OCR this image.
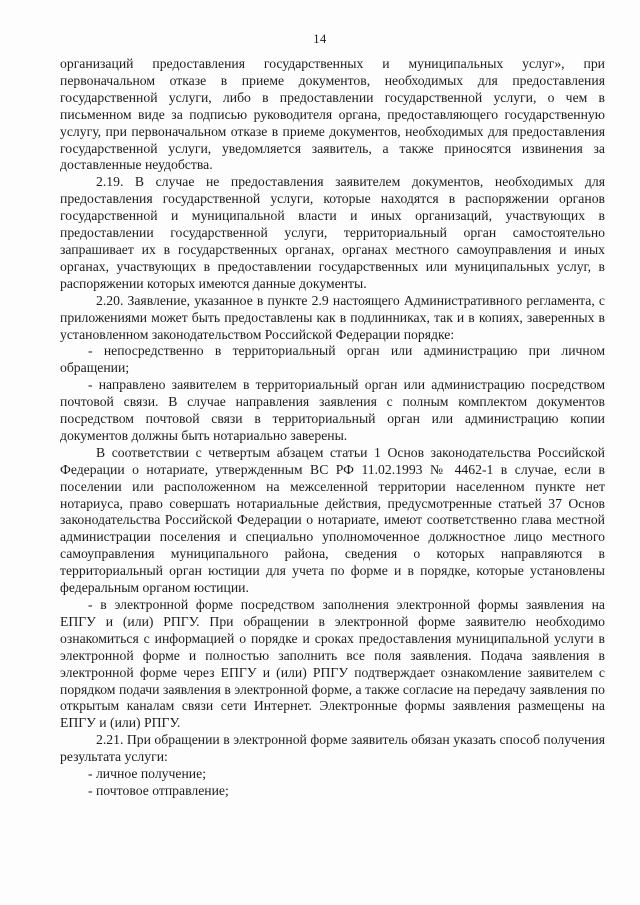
14

организаций предоставления государственных и муниципальных услуг», при первоначальном отказе в приеме документов, необходимых для предоставления государственной услуги, либо в предоставлении государственной услуги, о чем в письменном виде за подписью руководителя органа, предоставляющего государственную услугу, при первоначальном отказе в приеме документов, необходимых для предоставления государственной услуги, уведомляется заявитель, а также приносятся извинения за доставленные неудобства.

2.19. В случае не предоставления заявителем документов, необходимых для предоставления государственной услуги, которые находятся в распоряжении органов государственной и муниципальной власти и иных организаций, участвующих в предоставлении государственной услуги, территориальный орган самостоятельно запрашивает их в государственных органах, органах местного самоуправления и иных органах, участвующих в предоставлении государственных или муниципальных услуг, в распоряжении которых имеются данные документы.

2.20. Заявление, указанное в пункте 2.9 настоящего Административного регламента, с приложениями может быть предоставлены как в подлинниках, так и в копиях, заверенных в установленном законодательством Российской Федерации порядке:

- непосредственно в территориальный орган или администрацию при личном обращении;

- направлено заявителем в территориальный орган или администрацию посредством почтовой связи. В случае направления заявления с полным комплектом документов посредством почтовой связи в территориальный орган или администрацию копии документов должны быть нотариально заверены.

В соответствии с четвертым абзацем статьи 1 Основ законодательства Российской Федерации о нотариате, утвержденным ВС РФ 11.02.1993 № 4462-1 в случае, если в поселении или расположенном на межселенной территории населенном пункте нет нотариуса, право совершать нотариальные действия, предусмотренные статьей 37 Основ законодательства Российской Федерации о нотариате, имеют соответственно глава местной администрации поселения и специально уполномоченное должностное лицо местного самоуправления муниципального района, сведения о которых направляются в территориальный орган юстиции для учета по форме и в порядке, которые установлены федеральным органом юстиции.

- в электронной форме посредством заполнения электронной формы заявления на ЕПГУ и (или) РПГУ. При обращении в электронной форме заявителю необходимо ознакомиться с информацией о порядке и сроках предоставления муниципальной услуги в электронной форме и полностью заполнить все поля заявления. Подача заявления в электронной форме через ЕПГУ и (или) РПГУ подтверждает ознакомление заявителем с порядком подачи заявления в электронной форме, а также согласие на передачу заявления по открытым каналам связи сети Интернет. Электронные формы заявления размещены на ЕПГУ и (или) РПГУ.

2.21. При обращении в электронной форме заявитель обязан указать способ получения результата услуги:

- личное получение;

- почтовое отправление;
